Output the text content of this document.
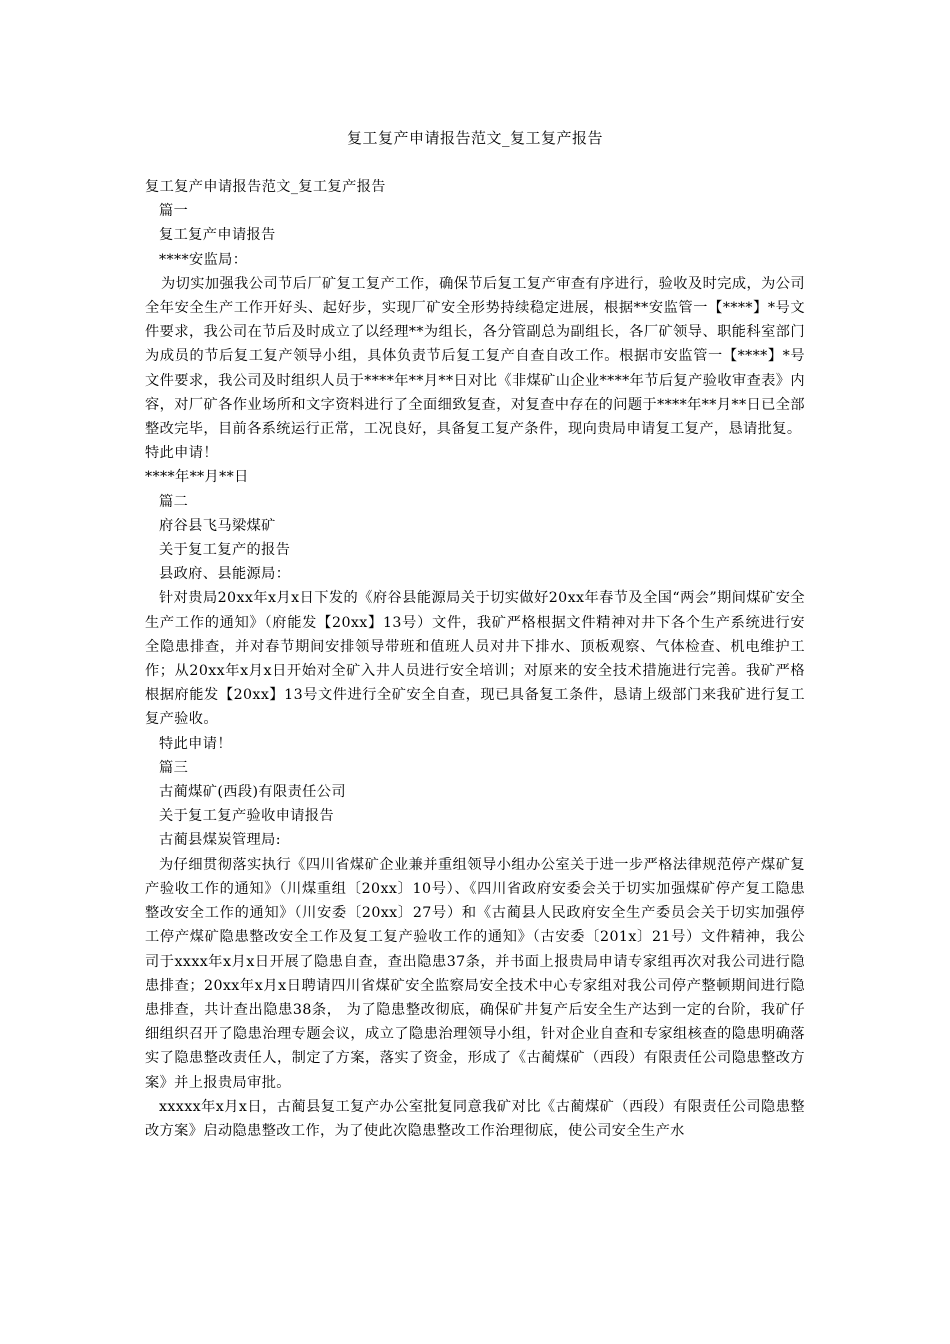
复工复产申请报告范文_复工复产报告

复工复产申请报告范文_复工复产报告

篇一

复工复产申请报告

****安监局：

为切实加强我公司节后厂矿复工复产工作，确保节后复工复产审查有序进行，验收及时完成，为公司全年安全生产工作开好头、起好步，实现厂矿安全形势持续稳定进展，根据**安监管一【****】*号文件要求，我公司在节后及时成立了以经理**为组长，各分管副总为副组长，各厂矿领导、职能科室部门为成员的节后复工复产领导小组，具体负责节后复工复产自查自改工作。根据市安监管一【****】*号文件要求，我公司及时组织人员于****年**月**日对比《非煤矿山企业****年节后复产验收审查表》内容，对厂矿各作业场所和文字资料进行了全面细致复查，对复查中存在的问题于****年**月**日已全部整改完毕，目前各系统运行正常，工况良好，具备复工复产条件，现向贵局申请复工复产，恳请批复。

特此申请！

****年**月**日

篇二

府谷县飞马梁煤矿

关于复工复产的报告

县政府、县能源局：

针对贵局20xx年x月x日下发的《府谷县能源局关于切实做好20xx年春节及全国“两会”期间煤矿安全生产工作的通知》（府能发【20xx】13号）文件，我矿严格根据文件精神对井下各个生产系统进行安全隐患排查，并对春节期间安排领导带班和值班人员对井下排水、顶板观察、气体检查、机电维护工作；从20xx年x月x日开始对全矿入井人员进行安全培训；对原来的安全技术措施进行完善。我矿严格根据府能发【20xx】13号文件进行全矿安全自查，现已具备复工条件，恳请上级部门来我矿进行复工复产验收。

特此申请！

篇三

古蔺煤矿(西段)有限责任公司

关于复工复产验收申请报告

古蔺县煤炭管理局:

为仔细贯彻落实执行《四川省煤矿企业兼并重组领导小组办公室关于进一步严格法律规范停产煤矿复产验收工作的通知》（川煤重组〔20xx〕10号）、《四川省政府安委会关于切实加强煤矿停产复工隐患整改安全工作的通知》（川安委〔20xx〕27号）和《古蔺县人民政府安全生产委员会关于切实加强停工停产煤矿隐患整改安全工作及复工复产验收工作的通知》（古安委〔201x〕21号）文件精神，我公司于xxxx年x月x日开展了隐患自查，查出隐患37条，并书面上报贵局申请专家组再次对我公司进行隐患排查；20xx年x月x日聘请四川省煤矿安全监察局安全技术中心专家组对我公司停产整顿期间进行隐患排查，共计查出隐患38条， 为了隐患整改彻底，确保矿井复产后安全生产达到一定的台阶，我矿仔细组织召开了隐患治理专题会议，成立了隐患治理领导小组，针对企业自查和专家组核查的隐患明确落实了隐患整改责任人，制定了方案，落实了资金，形成了《古蔺煤矿（西段）有限责任公司隐患整改方案》并上报贵局审批。

xxxxx年x月x日，古蔺县复工复产办公室批复同意我矿对比《古蔺煤矿（西段）有限责任公司隐患整改方案》启动隐患整改工作，为了使此次隐患整改工作治理彻底，使公司安全生产水
